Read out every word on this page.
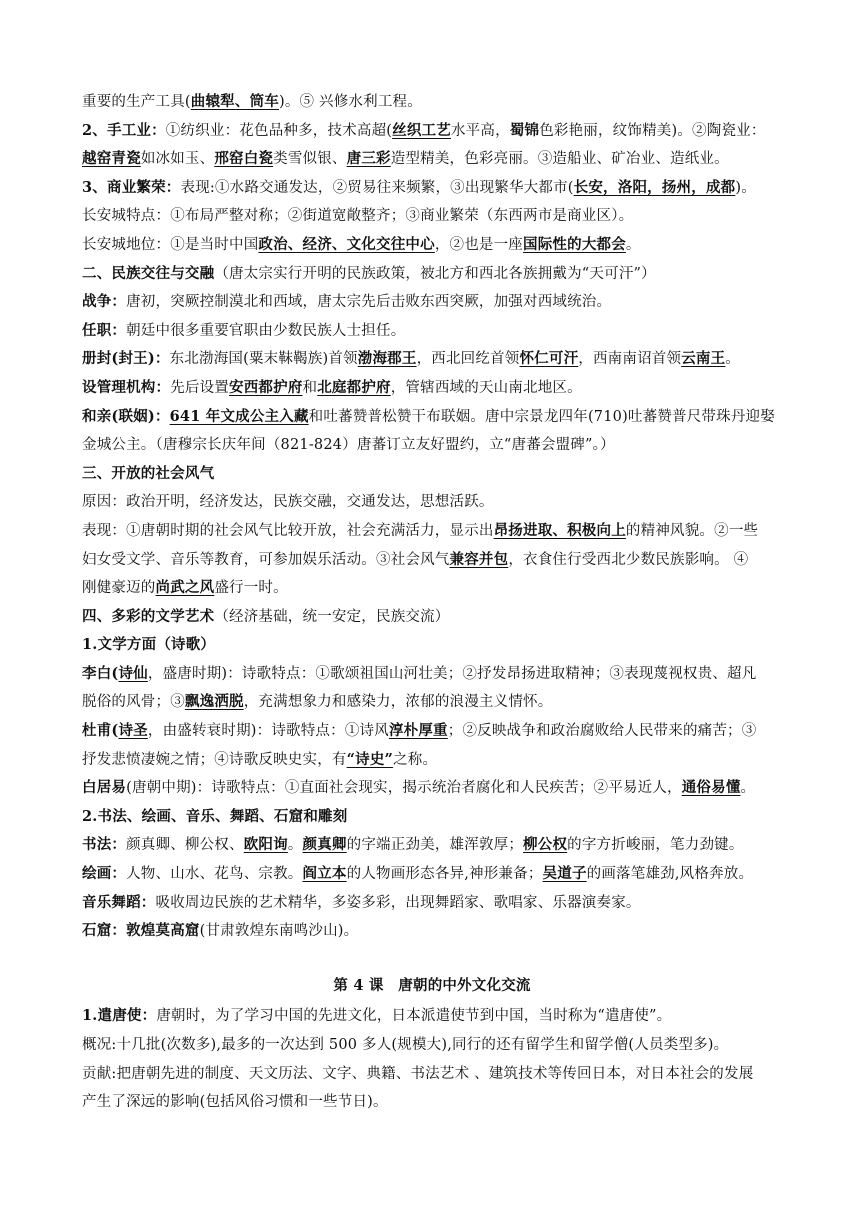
重要的生产工具(曲辕犁、筒车)。⑤ 兴修水利工程。
2、手工业：①纺织业：花色品种多，技术高超(丝织工艺水平高，蜀锦色彩艳丽，纹饰精美)。②陶瓷业：
越窑青瓷如冰如玉、邢窑白瓷类雪似银、唐三彩造型精美，色彩亮丽。③造船业、矿冶业、造纸业。
3、商业繁荣：表现:①水路交通发达，②贸易往来频繁，③出现繁华大都市(长安，洛阳，扬州，成都)。
长安城特点：①布局严整对称；②街道宽敞整齐；③商业繁荣（东西两市是商业区）。
长安城地位：①是当时中国政治、经济、文化交往中心，②也是一座国际性的大都会。
二、民族交往与交融（唐太宗实行开明的民族政策，被北方和西北各族拥戴为“天可汗”）
战争：唐初，突厥控制漠北和西域，唐太宗先后击败东西突厥，加强对西域统治。
任职：朝廷中很多重要官职由少数民族人士担任。
册封(封王)：东北渤海国(粟末靺鞨族)首领渤海郡王，西北回纥首领怀仁可汗，西南南诏首领云南王。
设管理机构：先后设置安西都护府和北庭都护府，管辖西域的天山南北地区。
和亲(联姻)：641 年文成公主入藏和吐蕃赞普松赞干布联姻。唐中宗景龙四年(710)吐蕃赞普尺带珠丹迎娶
金城公主。（唐穆宗长庆年间（821-824）唐蕃订立友好盟约，立“唐蕃会盟碑”。）
三、开放的社会风气
原因：政治开明，经济发达，民族交融，交通发达，思想活跃。
表现：①唐朝时期的社会风气比较开放，社会充满活力，显示出昂扬进取、积极向上的精神风貌。②一些
妇女受文学、音乐等教育，可参加娱乐活动。③社会风气兼容并包，衣食住行受西北少数民族影响。 ④
刚健豪迈的尚武之风盛行一时。
四、多彩的文学艺术（经济基础，统一安定，民族交流）
1.文学方面（诗歌）
李白(诗仙，盛唐时期)：诗歌特点：①歌颂祖国山河壮美；②抒发昂扬进取精神；③表现蔑视权贵、超凡
脱俗的风骨；③飘逸洒脱，充满想象力和感染力，浓郁的浪漫主义情怀。
杜甫(诗圣，由盛转衰时期)：诗歌特点：①诗风淳朴厚重；②反映战争和政治腐败给人民带来的痛苦；③
抒发悲愤凄婉之情；④诗歌反映史实，有“诗史”之称。
白居易(唐朝中期)：诗歌特点：①直面社会现实，揭示统治者腐化和人民疾苦；②平易近人，通俗易懂。
2.书法、绘画、音乐、舞蹈、石窟和雕刻
书法：颜真卿、柳公权、欧阳询。颜真卿的字端正劲美，雄浑敦厚；柳公权的字方折峻丽，笔力劲键。
绘画：人物、山水、花鸟、宗教。阎立本的人物画形态各异,神形兼备；吴道子的画落笔雄劲,风格奔放。
音乐舞蹈：吸收周边民族的艺术精华，多姿多彩，出现舞蹈家、歌唱家、乐器演奏家。
石窟：敦煌莫高窟(甘肃敦煌东南鸣沙山)。
第 4 课　唐朝的中外文化交流
1.遣唐使：唐朝时，为了学习中国的先进文化，日本派遣使节到中国，当时称为“遣唐使”。
概况:十几批(次数多),最多的一次达到 500 多人(规模大),同行的还有留学生和留学僧(人员类型多)。
贡献:把唐朝先进的制度、天文历法、文字、典籍、书法艺术 、建筑技术等传回日本，对日本社会的发展
产生了深远的影响(包括风俗习惯和一些节日)。
